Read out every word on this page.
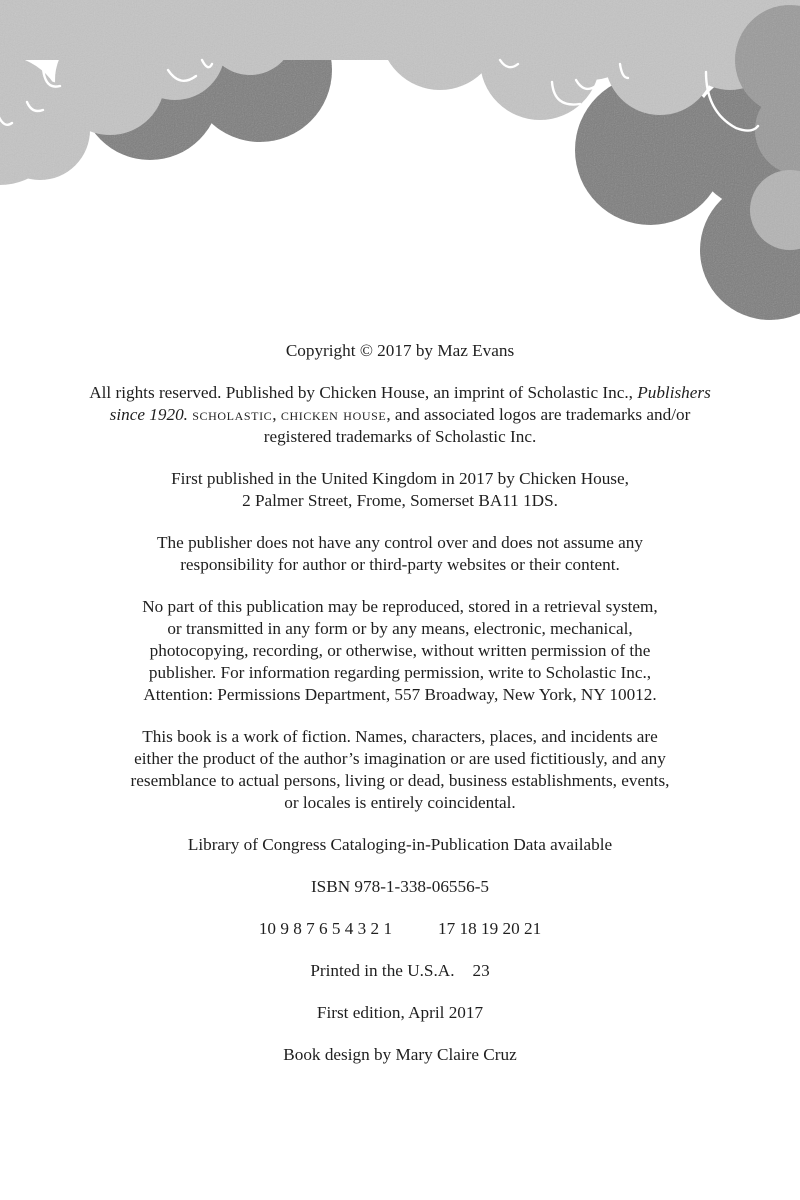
Copyright © 2017 by Maz Evans

All rights reserved. Published by Chicken House, an imprint of Scholastic Inc., Publishers since 1920. scholastic, chicken house, and associated logos are trademarks and/or registered trademarks of Scholastic Inc.

First published in the United Kingdom in 2017 by Chicken House,
2 Palmer Street, Frome, Somerset BA11 1DS.

The publisher does not have any control over and does not assume any
responsibility for author or third-party websites or their content.

No part of this publication may be reproduced, stored in a retrieval system,
or transmitted in any form or by any means, electronic, mechanical,
photocopying, recording, or otherwise, without written permission of the
publisher. For information regarding permission, write to Scholastic Inc.,
Attention: Permissions Department, 557 Broadway, New York, NY 10012.

This book is a work of fiction. Names, characters, places, and incidents are
either the product of the author’s imagination or are used fictitiously, and any
resemblance to actual persons, living or dead, business establishments, events,
or locales is entirely coincidental.

Library of Congress Cataloging-in-Publication Data available

ISBN 978-1-338-06556-5

10 9 8 7 6 5 4 3 2 1	17 18 19 20 21

Printed in the U.S.A. 23

First edition, April 2017

Book design by Mary Claire Cruz
